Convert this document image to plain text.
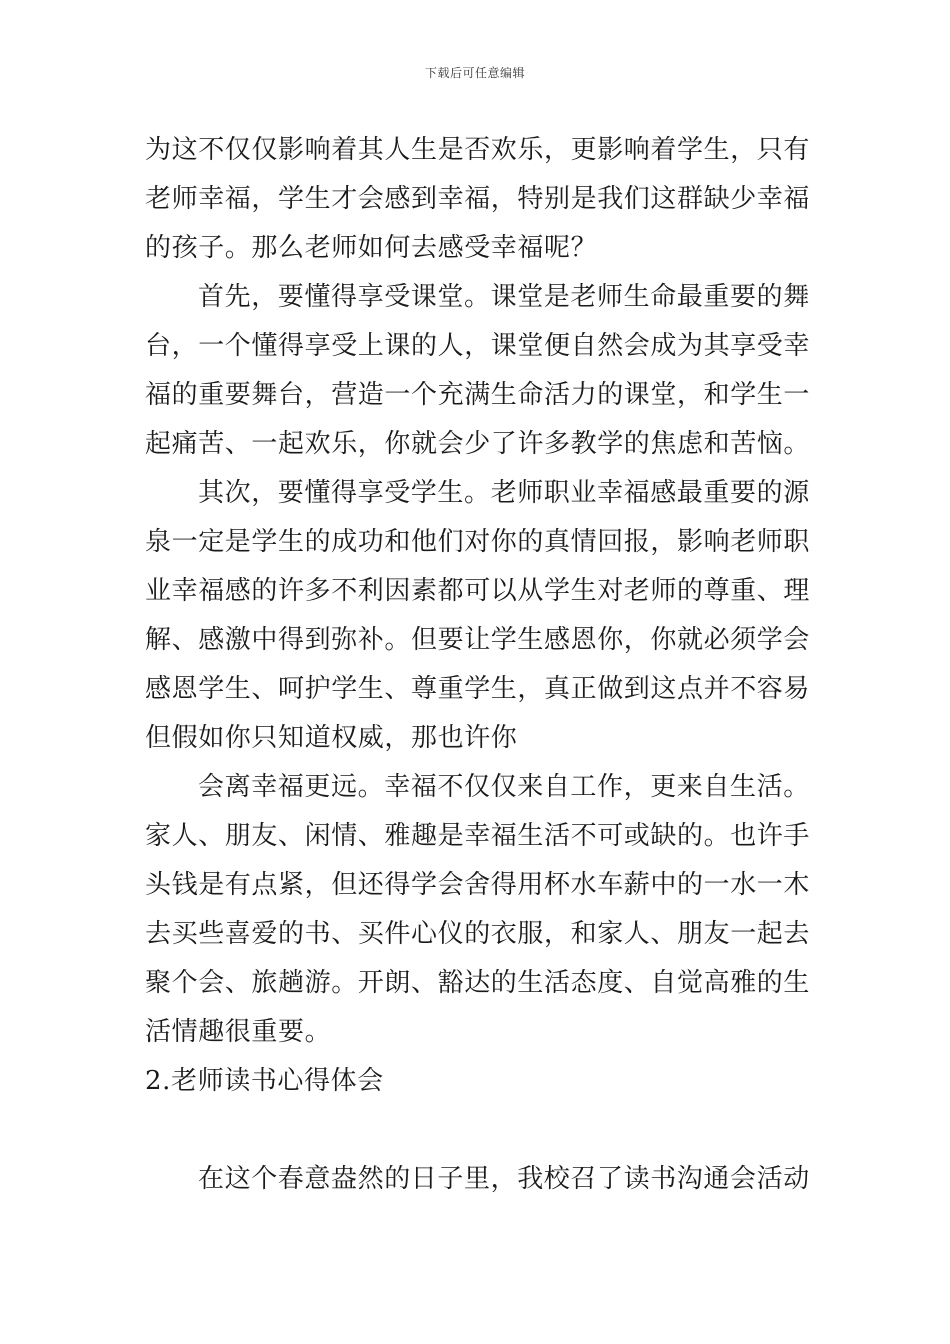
下载后可任意编辑
为这不仅仅影响着其人生是否欢乐，更影响着学生，只有
老师幸福，学生才会感到幸福，特别是我们这群缺少幸福
的孩子。那么老师如何去感受幸福呢？
首先，要懂得享受课堂。课堂是老师生命最重要的舞
台，一个懂得享受上课的人，课堂便自然会成为其享受幸
福的重要舞台，营造一个充满生命活力的课堂，和学生一
起痛苦、一起欢乐，你就会少了许多教学的焦虑和苦恼。
其次，要懂得享受学生。老师职业幸福感最重要的源
泉一定是学生的成功和他们对你的真情回报，影响老师职
业幸福感的许多不利因素都可以从学生对老师的尊重、理
解、感激中得到弥补。但要让学生感恩你，你就必须学会
感恩学生、呵护学生、尊重学生，真正做到这点并不容易
但假如你只知道权威，那也许你
会离幸福更远。幸福不仅仅来自工作，更来自生活。
家人、朋友、闲情、雅趣是幸福生活不可或缺的。也许手
头钱是有点紧，但还得学会舍得用杯水车薪中的一水一木
去买些喜爱的书、买件心仪的衣服，和家人、朋友一起去
聚个会、旅趟游。开朗、豁达的生活态度、自觉高雅的生
活情趣很重要。
2.老师读书心得体会
在这个春意盎然的日子里，我校召了读书沟通会活动
